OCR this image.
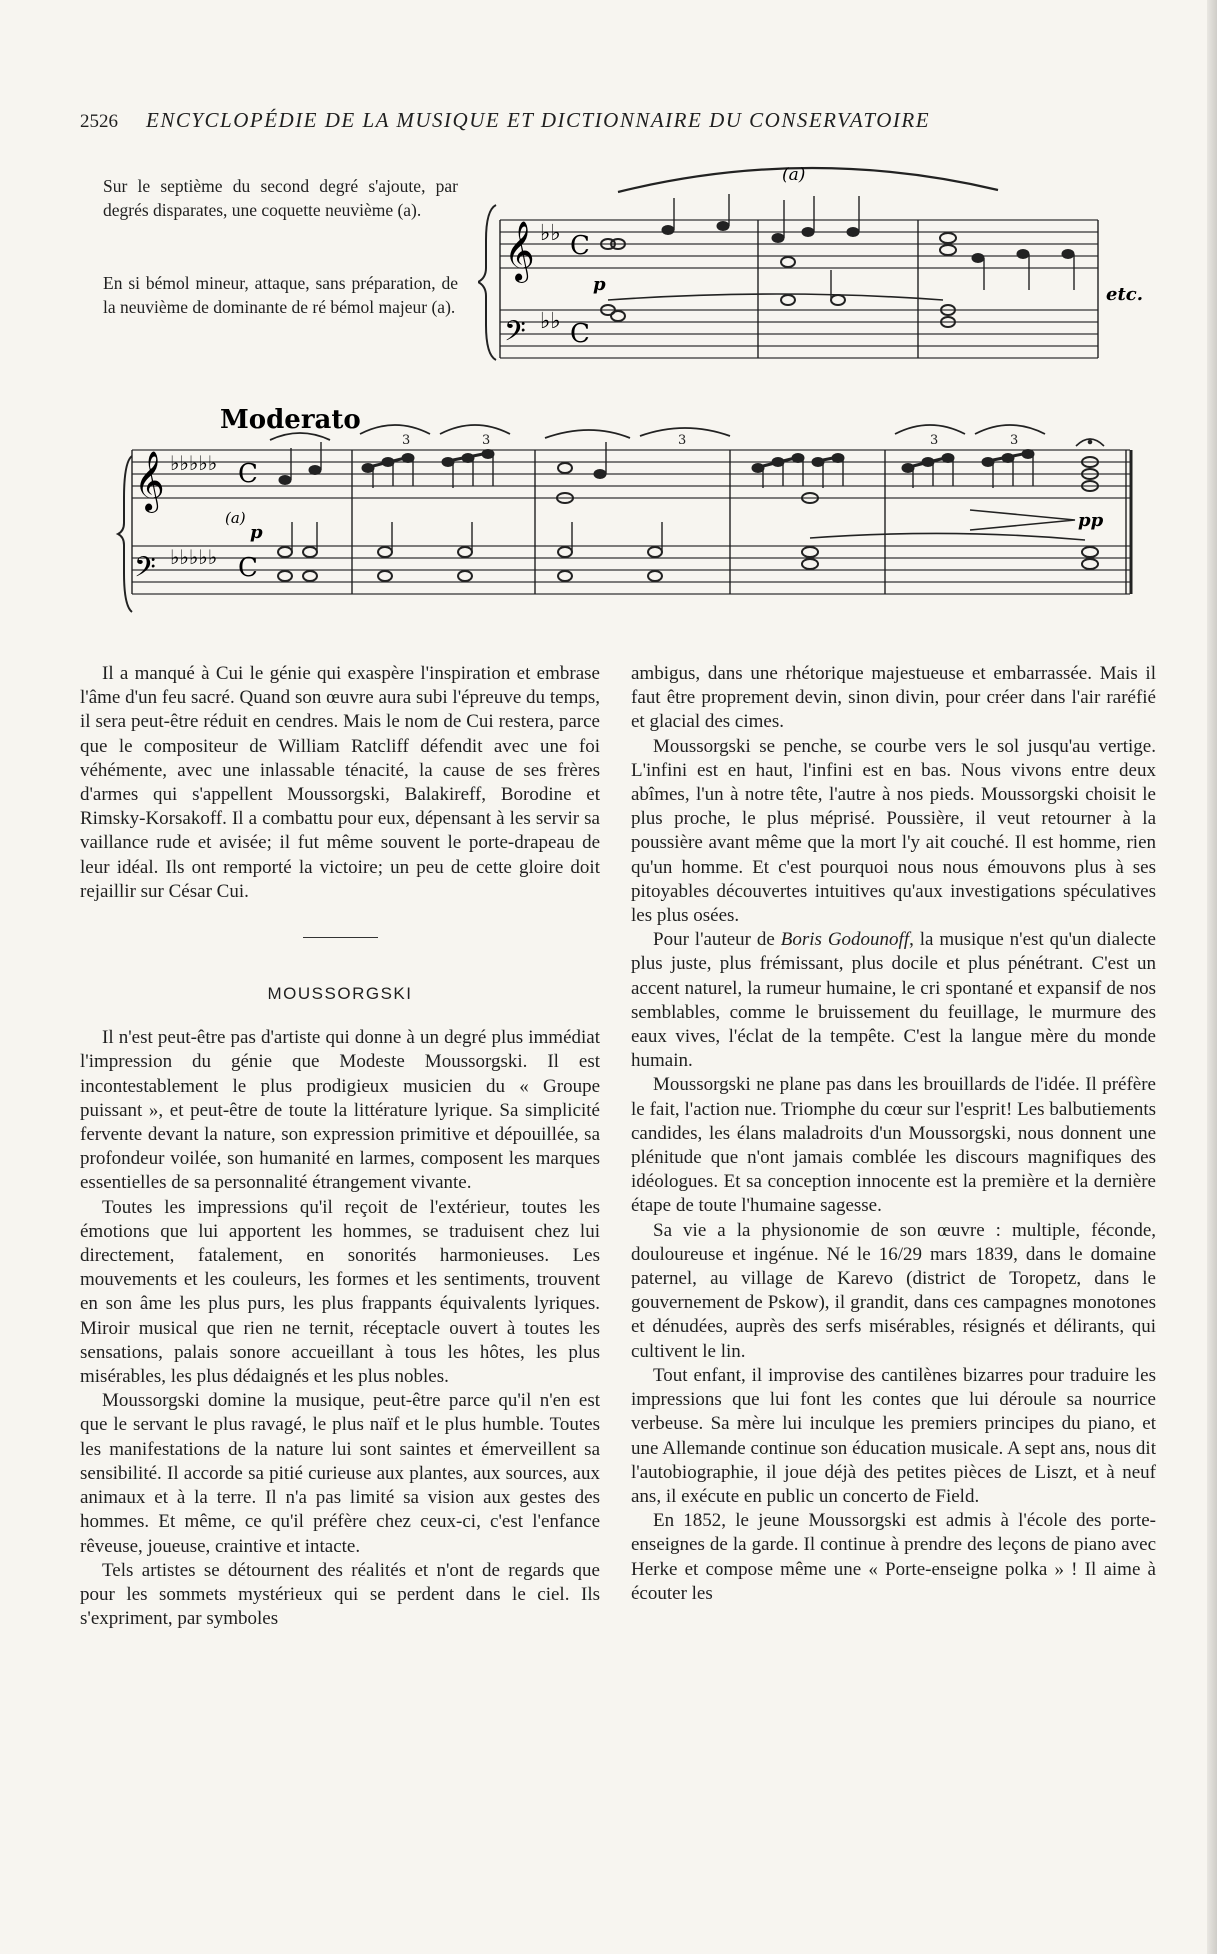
2526 ENCYCLOPÉDIE DE LA MUSIQUE ET DICTIONNAIRE DU CONSERVATOIRE

Sur le septième du second degré s'ajoute, par degrés disparates, une coquette neuvième (a).

En si bémol mineur, attaque, sans préparation, de la neuvième de dominante de ré bémol majeur (a).

𝄞
𝄢
♭♭
♭♭
C
C
(a)
p	etc.
Moderato
𝄞
𝄢
♭♭♭♭♭
♭♭♭♭♭
C
C
(a)
p
3	3	3	3	3
pp

Il a manqué à Cui le génie qui exaspère l'inspiration et embrase l'âme d'un feu sacré. Quand son œuvre aura subi l'épreuve du temps, il sera peut-être réduit en cendres. Mais le nom de Cui restera, parce que le compositeur de William Ratcliff défendit avec une foi véhémente, avec une inlassable ténacité, la cause de ses frères d'armes qui s'appellent Moussorgski, Balakireff, Borodine et Rimsky-Korsakoff. Il a combattu pour eux, dépensant à les servir sa vaillance rude et avisée; il fut même souvent le porte-drapeau de leur idéal. Ils ont remporté la victoire; un peu de cette gloire doit rejaillir sur César Cui.

MOUSSORGSKI

Il n'est peut-être pas d'artiste qui donne à un degré plus immédiat l'impression du génie que Modeste Moussorgski. Il est incontestablement le plus prodigieux musicien du « Groupe puissant », et peut-être de toute la littérature lyrique. Sa simplicité fervente devant la nature, son expression primitive et dépouillée, sa profondeur voilée, son humanité en larmes, composent les marques essentielles de sa personnalité étrangement vivante.

Toutes les impressions qu'il reçoit de l'extérieur, toutes les émotions que lui apportent les hommes, se traduisent chez lui directement, fatalement, en sonorités harmonieuses. Les mouvements et les couleurs, les formes et les sentiments, trouvent en son âme les plus purs, les plus frappants équivalents lyriques. Miroir musical que rien ne ternit, réceptacle ouvert à toutes les sensations, palais sonore accueillant à tous les hôtes, les plus misérables, les plus dédaignés et les plus nobles.

Moussorgski domine la musique, peut-être parce qu'il n'en est que le servant le plus ravagé, le plus naïf et le plus humble. Toutes les manifestations de la nature lui sont saintes et émerveillent sa sensibilité. Il accorde sa pitié curieuse aux plantes, aux sources, aux animaux et à la terre. Il n'a pas limité sa vision aux gestes des hommes. Et même, ce qu'il préfère chez ceux-ci, c'est l'enfance rêveuse, joueuse, craintive et intacte.

Tels artistes se détournent des réalités et n'ont de regards que pour les sommets mystérieux qui se perdent dans le ciel. Ils s'expriment, par symboles

ambigus, dans une rhétorique majestueuse et embarrassée. Mais il faut être proprement devin, sinon divin, pour créer dans l'air raréfié et glacial des cimes.

Moussorgski se penche, se courbe vers le sol jusqu'au vertige. L'infini est en haut, l'infini est en bas. Nous vivons entre deux abîmes, l'un à notre tête, l'autre à nos pieds. Moussorgski choisit le plus proche, le plus méprisé. Poussière, il veut retourner à la poussière avant même que la mort l'y ait couché. Il est homme, rien qu'un homme. Et c'est pourquoi nous nous émouvons plus à ses pitoyables découvertes intuitives qu'aux investigations spéculatives les plus osées.

Pour l'auteur de Boris Godounoff, la musique n'est qu'un dialecte plus juste, plus frémissant, plus docile et plus pénétrant. C'est un accent naturel, la rumeur humaine, le cri spontané et expansif de nos semblables, comme le bruissement du feuillage, le murmure des eaux vives, l'éclat de la tempête. C'est la langue mère du monde humain.

Moussorgski ne plane pas dans les brouillards de l'idée. Il préfère le fait, l'action nue. Triomphe du cœur sur l'esprit! Les balbutiements candides, les élans maladroits d'un Moussorgski, nous donnent une plénitude que n'ont jamais comblée les discours magnifiques des idéologues. Et sa conception innocente est la première et la dernière étape de toute l'humaine sagesse.

Sa vie a la physionomie de son œuvre : multiple, féconde, douloureuse et ingénue. Né le 16/29 mars 1839, dans le domaine paternel, au village de Karevo (district de Toropetz, dans le gouvernement de Pskow), il grandit, dans ces campagnes monotones et dénudées, auprès des serfs misérables, résignés et délirants, qui cultivent le lin.

Tout enfant, il improvise des cantilènes bizarres pour traduire les impressions que lui font les contes que lui déroule sa nourrice verbeuse. Sa mère lui inculque les premiers principes du piano, et une Allemande continue son éducation musicale. A sept ans, nous dit l'autobiographie, il joue déjà des petites pièces de Liszt, et à neuf ans, il exécute en public un concerto de Field.

En 1852, le jeune Moussorgski est admis à l'école des porte-enseignes de la garde. Il continue à prendre des leçons de piano avec Herke et compose même une « Porte-enseigne polka » ! Il aime à écouter les
